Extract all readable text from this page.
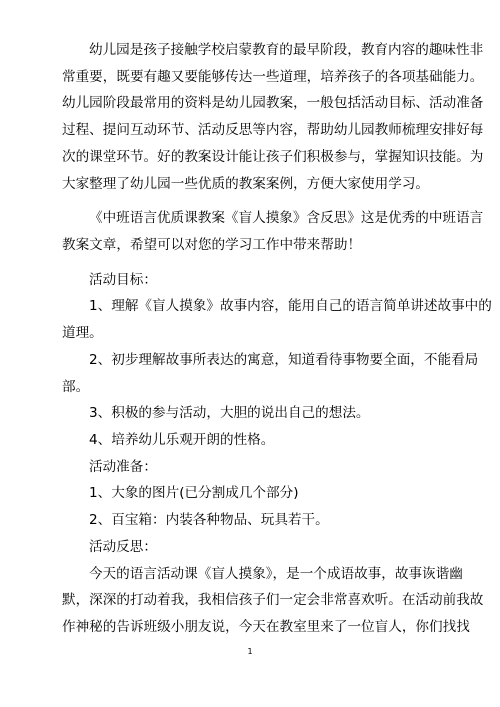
幼儿园是孩子接触学校启蒙教育的最早阶段，教育内容的趣味性非

常重要，既要有趣又要能够传达一些道理，培养孩子的各项基础能力。

幼儿园阶段最常用的资料是幼儿园教案，一般包括活动目标、活动准备

过程、提问互动环节、活动反思等内容，帮助幼儿园教师梳理安排好每

次的课堂环节。好的教案设计能让孩子们积极参与，掌握知识技能。为

大家整理了幼儿园一些优质的教案案例，方便大家使用学习。

《中班语言优质课教案《盲人摸象》含反思》这是优秀的中班语言

教案文章，希望可以对您的学习工作中带来帮助！

活动目标：

1、理解《盲人摸象》故事内容，能用自己的语言简单讲述故事中的

道理。

2、初步理解故事所表达的寓意，知道看待事物要全面，不能看局

部。

3、积极的参与活动，大胆的说出自己的想法。

4、培养幼儿乐观开朗的性格。

活动准备：

1、大象的图片(已分割成几个部分)

2、百宝箱：内装各种物品、玩具若干。

活动反思：

今天的语言活动课《盲人摸象》，是一个成语故事，故事诙谐幽

默，深深的打动着我，我相信孩子们一定会非常喜欢听。在活动前我故

作神秘的告诉班级小朋友说，今天在教室里来了一位盲人，你们找找

1
